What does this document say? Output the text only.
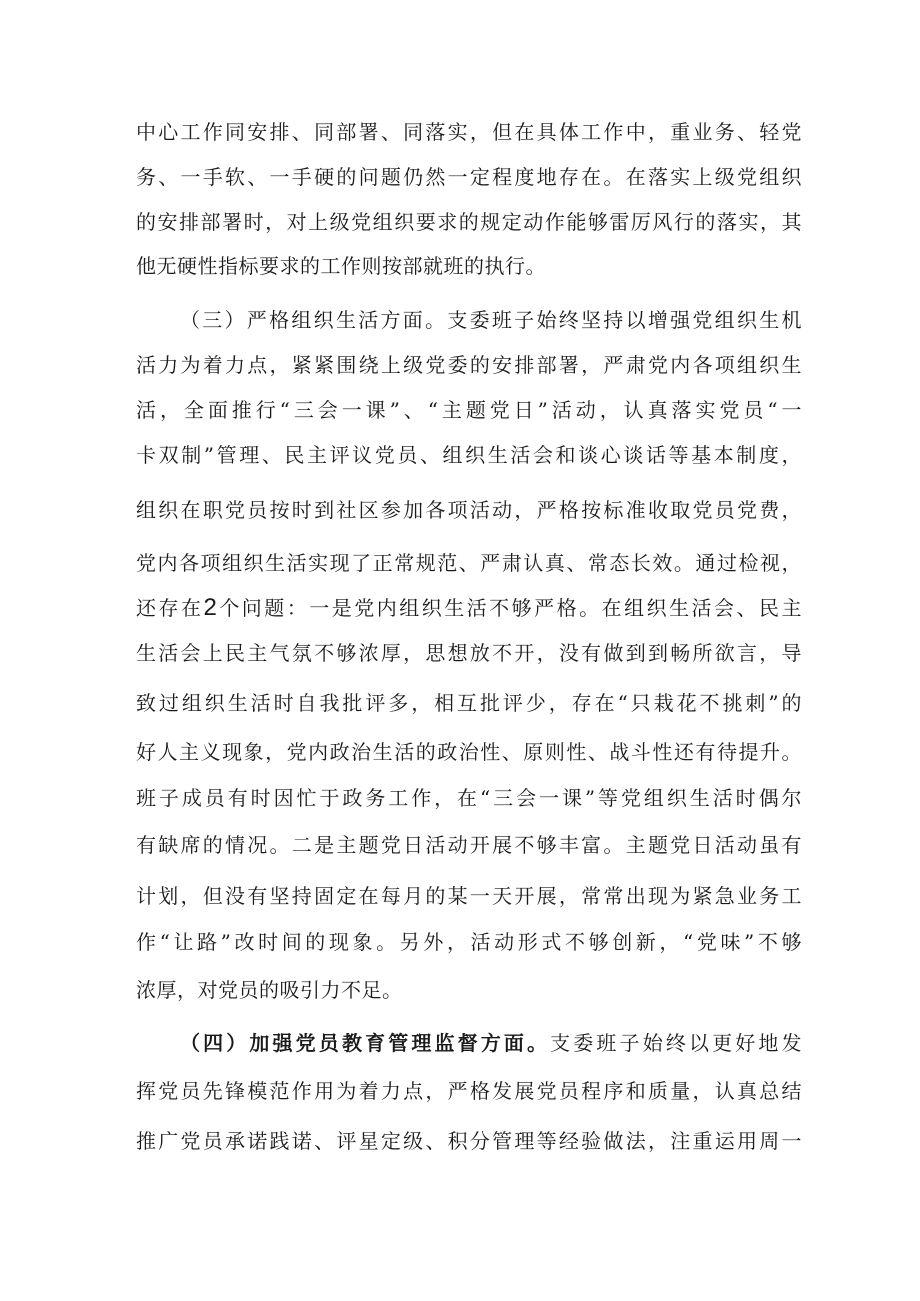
中心工作同安排、同部署、同落实，但在具体工作中，重业务、轻党
务、一手软、一手硬的问题仍然一定程度地存在。在落实上级党组织
的安排部署时，对上级党组织要求的规定动作能够雷厉风行的落实，其
他无硬性指标要求的工作则按部就班的执行。
（三）严格组织生活方面。支委班子始终坚持以增强党组织生机
活力为着力点，紧紧围绕上级党委的安排部署，严肃党内各项组织生
活，全面推行“三会一课”、“主题党日”活动，认真落实党员“一
卡双制”管理、民主评议党员、组织生活会和谈心谈话等基本制度，
组织在职党员按时到社区参加各项活动，严格按标准收取党员党费，
党内各项组织生活实现了正常规范、严肃认真、常态长效。通过检视，
还存在2个问题：一是党内组织生活不够严格。在组织生活会、民主
生活会上民主气氛不够浓厚，思想放不开，没有做到到畅所欲言，导
致过组织生活时自我批评多，相互批评少，存在“只栽花不挑刺”的
好人主义现象，党内政治生活的政治性、原则性、战斗性还有待提升。
班子成员有时因忙于政务工作，在“三会一课”等党组织生活时偶尔
有缺席的情况。二是主题党日活动开展不够丰富。主题党日活动虽有
计划，但没有坚持固定在每月的某一天开展，常常出现为紧急业务工
作“让路”改时间的现象。另外，活动形式不够创新，“党味”不够
浓厚，对党员的吸引力不足。
（四）加强党员教育管理监督方面。支委班子始终以更好地发
挥党员先锋模范作用为着力点，严格发展党员程序和质量，认真总结
推广党员承诺践诺、评星定级、积分管理等经验做法，注重运用周一
